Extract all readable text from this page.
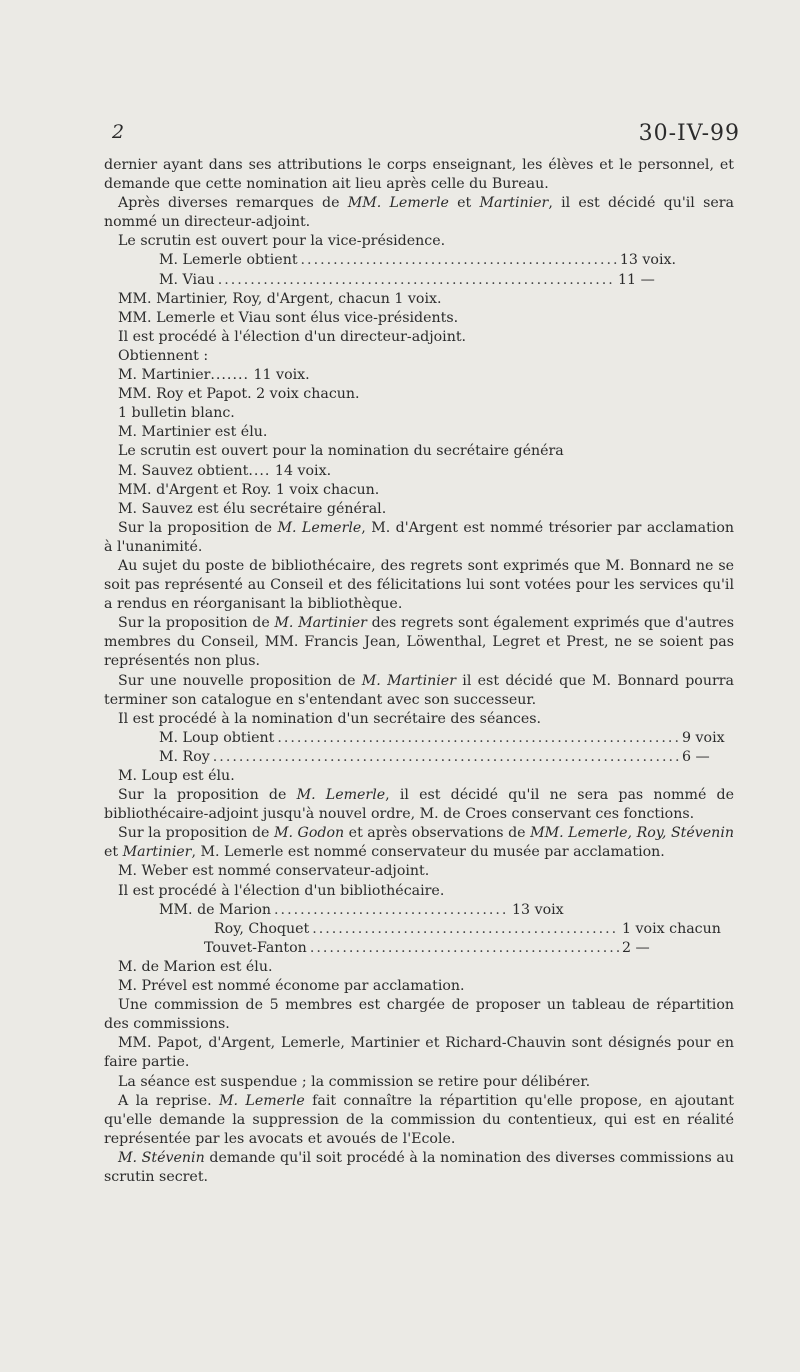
2	30-IV-99

dernier ayant dans ses attributions le corps enseignant, les élèves et le personnel, et demande que cette nomination ait lieu après celle du Bureau.

Après diverses remarques de MM. Lemerle et Martinier, il est décidé qu'il sera nommé un directeur-adjoint.

Le scrutin est ouvert pour la vice-présidence.

M. Lemerle obtient .....	13 voix.
M. Viau .....	11 —

MM. Martinier, Roy, d'Argent, chacun 1 voix.

MM. Lemerle et Viau sont élus vice-présidents.

Il est procédé à l'élection d'un directeur-adjoint.

Obtiennent :

M. Martinier....... 11 voix.

MM. Roy et Papot. 2 voix chacun.

1 bulletin blanc.

M. Martinier est élu.

Le scrutin est ouvert pour la nomination du secrétaire généra

M. Sauvez obtient.... 14 voix.

MM. d'Argent et Roy. 1 voix chacun.

M. Sauvez est élu secrétaire général.

Sur la proposition de M. Lemerle, M. d'Argent est nommé trésorier par acclamation à l'unanimité.

Au sujet du poste de bibliothécaire, des regrets sont exprimés que M. Bonnard ne se soit pas représenté au Conseil et des félicitations lui sont votées pour les services qu'il a rendus en réorganisant la bibliothèque.

Sur la proposition de M. Martinier des regrets sont également exprimés que d'autres membres du Conseil, MM. Francis Jean, Löwenthal, Legret et Prest, ne se soient pas représentés non plus.

Sur une nouvelle proposition de M. Martinier il est décidé que M. Bonnard pourra terminer son catalogue en s'entendant avec son successeur.

Il est procédé à la nomination d'un secrétaire des séances.

M. Loup obtient .....	9 voix
M. Roy .....	6 —

M. Loup est élu.

Sur la proposition de M. Lemerle, il est décidé qu'il ne sera pas nommé de bibliothécaire-adjoint jusqu'à nouvel ordre, M. de Croes conservant ces fonctions.

Sur la proposition de M. Godon et après observations de MM. Lemerle, Roy, Stévenin et Martinier, M. Lemerle est nommé conservateur du musée par acclamation.

M. Weber est nommé conservateur-adjoint.

Il est procédé à l'élection d'un bibliothécaire.

MM. de Marion .....	13 voix
Roy, Choquet .....	1 voix chacun
Touvet-Fanton .....	2 —

M. de Marion est élu.

M. Prével est nommé économe par acclamation.

Une commission de 5 membres est chargée de proposer un tableau de répartition des commissions.

MM. Papot, d'Argent, Lemerle, Martinier et Richard-Chauvin sont désignés pour en faire partie.

La séance est suspendue ; la commission se retire pour délibérer.

A la reprise. M. Lemerle fait connaître la répartition qu'elle propose, en ajoutant qu'elle demande la suppression de la commission du contentieux, qui est en réalité représentée par les avocats et avoués de l'Ecole.

M. Stévenin demande qu'il soit procédé à la nomination des diverses commissions au scrutin secret.
